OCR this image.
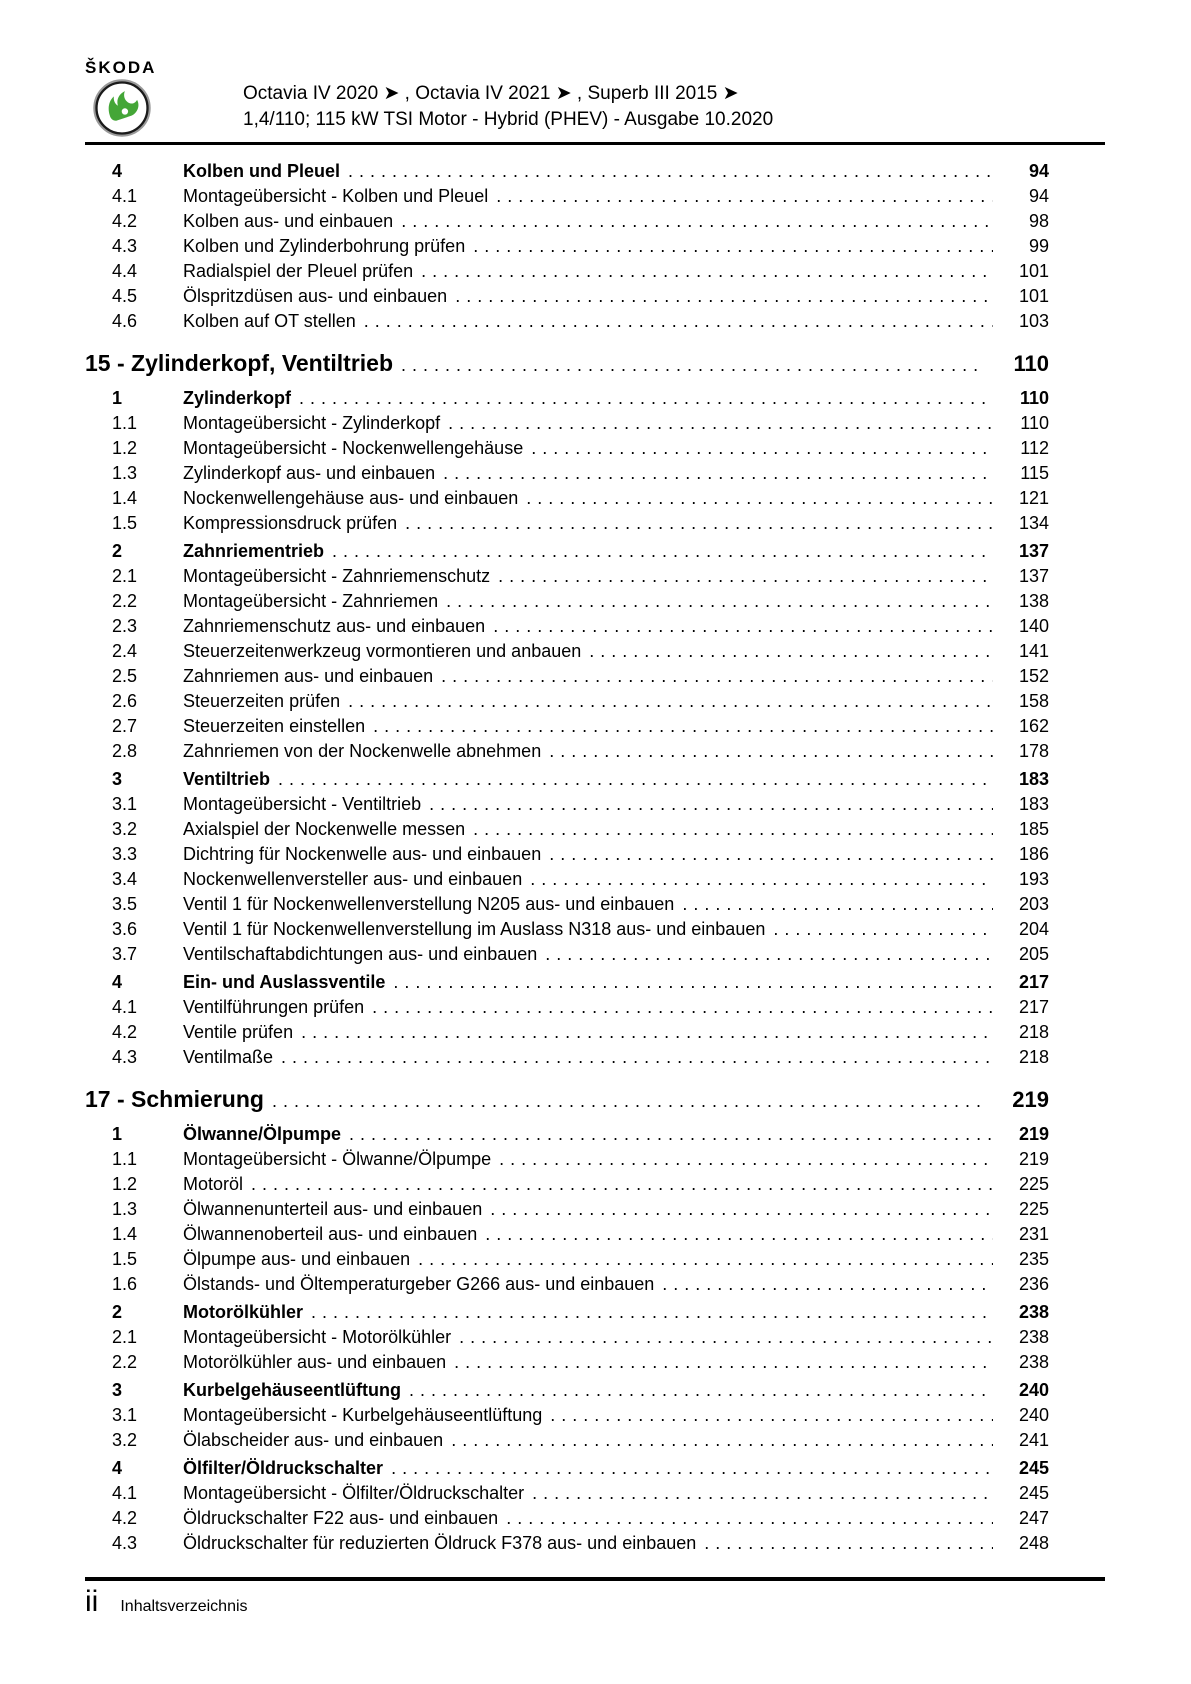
ŠKODA
Octavia IV 2020 ➤ , Octavia IV 2021 ➤ , Superb III 2015 ➤
1,4/110; 115 kW TSI Motor - Hybrid (PHEV) - Ausgabe 10.2020
4	Kolben und Pleuel .....	94
4.1	Montageübersicht - Kolben und Pleuel .....	94
4.2	Kolben aus- und einbauen .....	98
4.3	Kolben und Zylinderbohrung prüfen .....	99
4.4	Radialspiel der Pleuel prüfen .....	101
4.5	Ölspritzdüsen aus- und einbauen .....	101
4.6	Kolben auf OT stellen .....	103
15 - Zylinderkopf, Ventiltrieb .....	110
1	Zylinderkopf .....	110
1.1	Montageübersicht - Zylinderkopf .....	110
1.2	Montageübersicht - Nockenwellengehäuse .....	112
1.3	Zylinderkopf aus- und einbauen .....	115
1.4	Nockenwellengehäuse aus- und einbauen .....	121
1.5	Kompressionsdruck prüfen .....	134
2	Zahnriementrieb .....	137
2.1	Montageübersicht - Zahnriemenschutz .....	137
2.2	Montageübersicht - Zahnriemen .....	138
2.3	Zahnriemenschutz aus- und einbauen .....	140
2.4	Steuerzeitenwerkzeug vormontieren und anbauen .....	141
2.5	Zahnriemen aus- und einbauen .....	152
2.6	Steuerzeiten prüfen .....	158
2.7	Steuerzeiten einstellen .....	162
2.8	Zahnriemen von der Nockenwelle abnehmen .....	178
3	Ventiltrieb .....	183
3.1	Montageübersicht - Ventiltrieb .....	183
3.2	Axialspiel der Nockenwelle messen .....	185
3.3	Dichtring für Nockenwelle aus- und einbauen .....	186
3.4	Nockenwellenversteller aus- und einbauen .....	193
3.5	Ventil 1 für Nockenwellenverstellung N205 aus- und einbauen .....	203
3.6	Ventil 1 für Nockenwellenverstellung im Auslass N318 aus- und einbauen .....	204
3.7	Ventilschaftabdichtungen aus- und einbauen .....	205
4	Ein- und Auslassventile .....	217
4.1	Ventilführungen prüfen .....	217
4.2	Ventile prüfen .....	218
4.3	Ventilmaße .....	218
17 - Schmierung .....	219
1	Ölwanne/Ölpumpe .....	219
1.1	Montageübersicht - Ölwanne/Ölpumpe .....	219
1.2	Motoröl .....	225
1.3	Ölwannenunterteil aus- und einbauen .....	225
1.4	Ölwannenoberteil aus- und einbauen .....	231
1.5	Ölpumpe aus- und einbauen .....	235
1.6	Ölstands- und Öltemperaturgeber G266 aus- und einbauen .....	236
2	Motorölkühler .....	238
2.1	Montageübersicht - Motorölkühler .....	238
2.2	Motorölkühler aus- und einbauen .....	238
3	Kurbelgehäuseentlüftung .....	240
3.1	Montageübersicht - Kurbelgehäuseentlüftung .....	240
3.2	Ölabscheider aus- und einbauen .....	241
4	Ölfilter/Öldruckschalter .....	245
4.1	Montageübersicht - Ölfilter/Öldruckschalter .....	245
4.2	Öldruckschalter F22 aus- und einbauen .....	247
4.3	Öldruckschalter für reduzierten Öldruck F378 aus- und einbauen .....	248
ii Inhaltsverzeichnis
